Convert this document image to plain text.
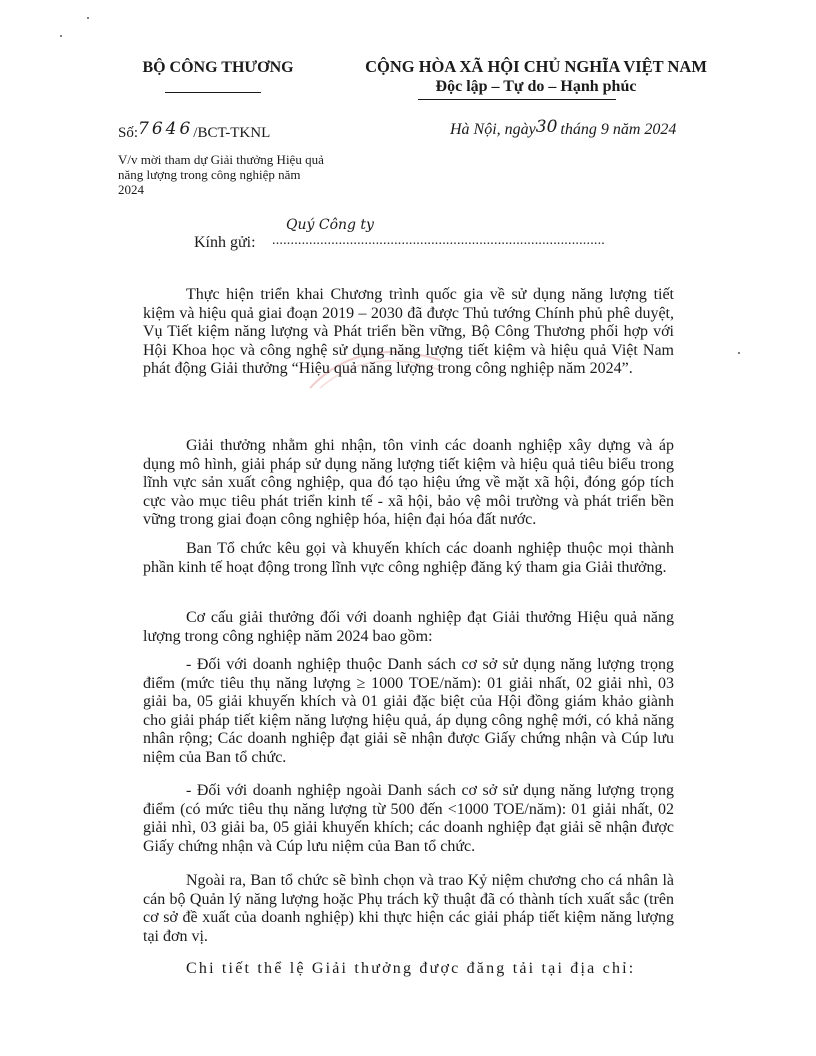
BỘ CÔNG THƯƠNG	CỘNG HÒA XÃ HỘI CHỦ NGHĨA VIỆT NAM
Độc lập – Tự do – Hạnh phúc
Số:7646/BCT-TKNL	Hà Nội, ngày30 tháng 9 năm 2024
V/v mời tham dự Giải thưởng Hiệu quả năng lượng trong công nghiệp năm 2024
Kính gửi: ..........................................................................................
Quý Công ty

Thực hiện triển khai Chương trình quốc gia về sử dụng năng lượng tiết kiệm và hiệu quả giai đoạn 2019 – 2030 đã được Thủ tướng Chính phủ phê duyệt, Vụ Tiết kiệm năng lượng và Phát triển bền vững, Bộ Công Thương phối hợp với Hội Khoa học và công nghệ sử dụng năng lượng tiết kiệm và hiệu quả Việt Nam phát động Giải thưởng “Hiệu quả năng lượng trong công nghiệp năm 2024”.

Giải thưởng nhằm ghi nhận, tôn vinh các doanh nghiệp xây dựng và áp dụng mô hình, giải pháp sử dụng năng lượng tiết kiệm và hiệu quả tiêu biểu trong lĩnh vực sản xuất công nghiệp, qua đó tạo hiệu ứng về mặt xã hội, đóng góp tích cực vào mục tiêu phát triển kinh tế - xã hội, bảo vệ môi trường và phát triển bền vững trong giai đoạn công nghiệp hóa, hiện đại hóa đất nước.

Ban Tổ chức kêu gọi và khuyến khích các doanh nghiệp thuộc mọi thành phần kinh tế hoạt động trong lĩnh vực công nghiệp đăng ký tham gia Giải thưởng.

Cơ cấu giải thưởng đối với doanh nghiệp đạt Giải thưởng Hiệu quả năng lượng trong công nghiệp năm 2024 bao gồm:

- Đối với doanh nghiệp thuộc Danh sách cơ sở sử dụng năng lượng trọng điểm (mức tiêu thụ năng lượng ≥ 1000 TOE/năm): 01 giải nhất, 02 giải nhì, 03 giải ba, 05 giải khuyến khích và 01 giải đặc biệt của Hội đồng giám khảo giành cho giải pháp tiết kiệm năng lượng hiệu quả, áp dụng công nghệ mới, có khả năng nhân rộng; Các doanh nghiệp đạt giải sẽ nhận được Giấy chứng nhận và Cúp lưu niệm của Ban tổ chức.

- Đối với doanh nghiệp ngoài Danh sách cơ sở sử dụng năng lượng trọng điểm (có mức tiêu thụ năng lượng từ 500 đến <1000 TOE/năm): 01 giải nhất, 02 giải nhì, 03 giải ba, 05 giải khuyến khích; các doanh nghiệp đạt giải sẽ nhận được Giấy chứng nhận và Cúp lưu niệm của Ban tổ chức.

Ngoài ra, Ban tổ chức sẽ bình chọn và trao Kỷ niệm chương cho cá nhân là cán bộ Quản lý năng lượng hoặc Phụ trách kỹ thuật đã có thành tích xuất sắc (trên cơ sở đề xuất của doanh nghiệp) khi thực hiện các giải pháp tiết kiệm năng lượng tại đơn vị.

Chi tiết thể lệ Giải thưởng được đăng tải tại địa chỉ:
